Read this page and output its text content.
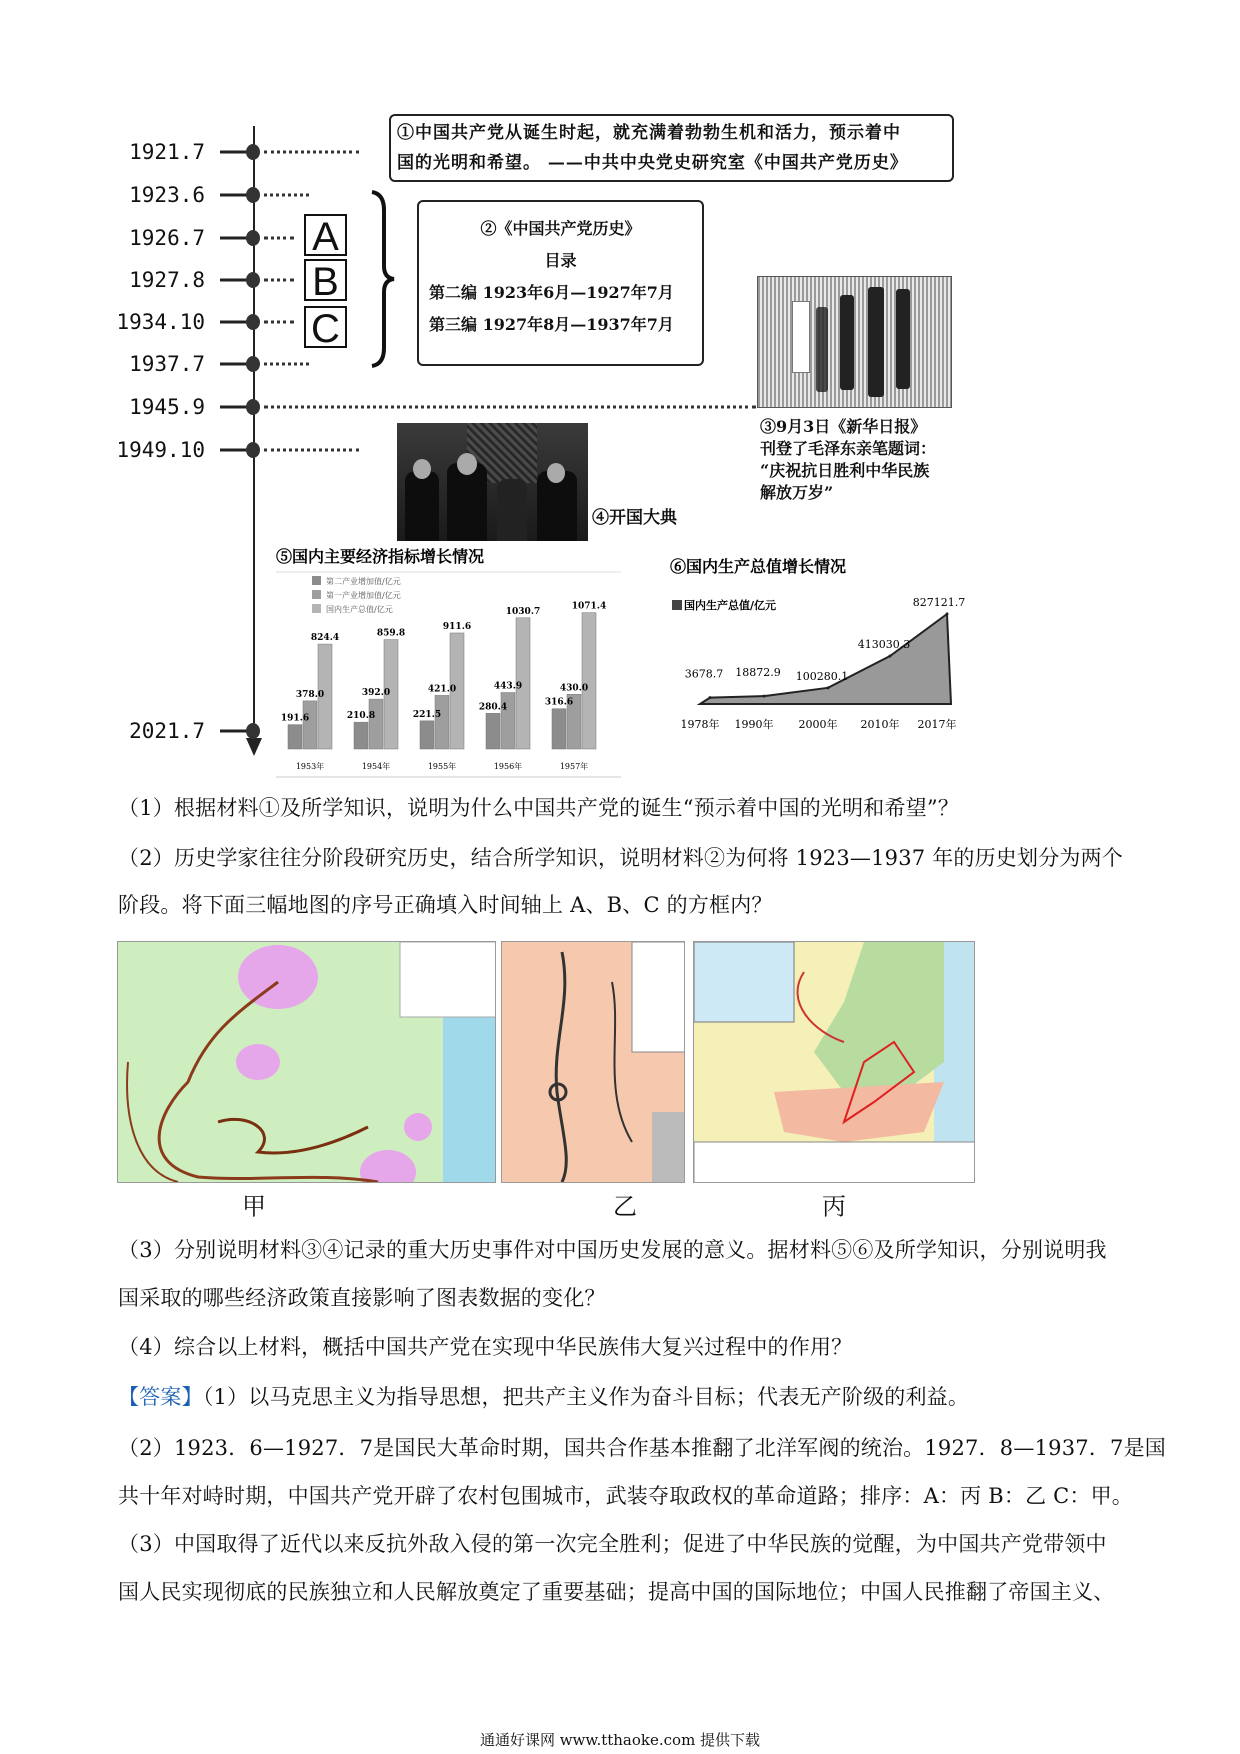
1921.7
1923.6
1926.7
1927.8
1934.10
1937.7
1945.9
1949.10
2021.7
A
B
C
①中国共产党从诞生时起，就充满着勃勃生机和活力，预示着中
国的光明和希望。 ——中共中央党史研究室《中国共产党历史》
②《中国共产党历史》
目录
第二编 1923年6月—1927年7月
第三编 1927年8月—1937年7月
③9月3日《新华日报》
刊登了毛泽东亲笔题词：
“庆祝抗日胜利中华民族
解放万岁”
④开国大典
⑤国内主要经济指标增长情况
第二产业增加值/亿元
第一产业增加值/亿元
国内生产总值/亿元
1953年	1954年	1955年	1956年	1957年
191.6
378.0
824.4
210.8
392.0
859.8
221.5
421.0
911.6
280.4
443.9
1030.7
316.6
430.0
1071.4
⑥国内生产总值增长情况
国内生产总值/亿元
3678.7
1978年
18872.9
1990年
100280.1
2000年
413030.3
2010年
827121.7
2017年
（1）根据材料①及所学知识，说明为什么中国共产党的诞生“预示着中国的光明和希望”？
（2）历史学家往往分阶段研究历史，结合所学知识，说明材料②为何将 1923—1937 年的历史划分为两个
阶段。将下面三幅地图的序号正确填入时间轴上 A、B、C 的方框内？
甲	乙	丙
（3）分别说明材料③④记录的重大历史事件对中国历史发展的意义。据材料⑤⑥及所学知识，分别说明我
国采取的哪些经济政策直接影响了图表数据的变化？
（4）综合以上材料，概括中国共产党在实现中华民族伟大复兴过程中的作用？
【答案】（1）以马克思主义为指导思想，把共产主义作为奋斗目标；代表无产阶级的利益。
（2）1923．6—1927．7是国民大革命时期，国共合作基本推翻了北洋军阀的统治。1927．8—1937．7是国
共十年对峙时期，中国共产党开辟了农村包围城市，武装夺取政权的革命道路；排序：A：丙 B：乙 C：甲。
（3）中国取得了近代以来反抗外敌入侵的第一次完全胜利；促进了中华民族的觉醒，为中国共产党带领中
国人民实现彻底的民族独立和人民解放奠定了重要基础；提高中国的国际地位；中国人民推翻了帝国主义、
通通好课网 www.tthaoke.com 提供下载
